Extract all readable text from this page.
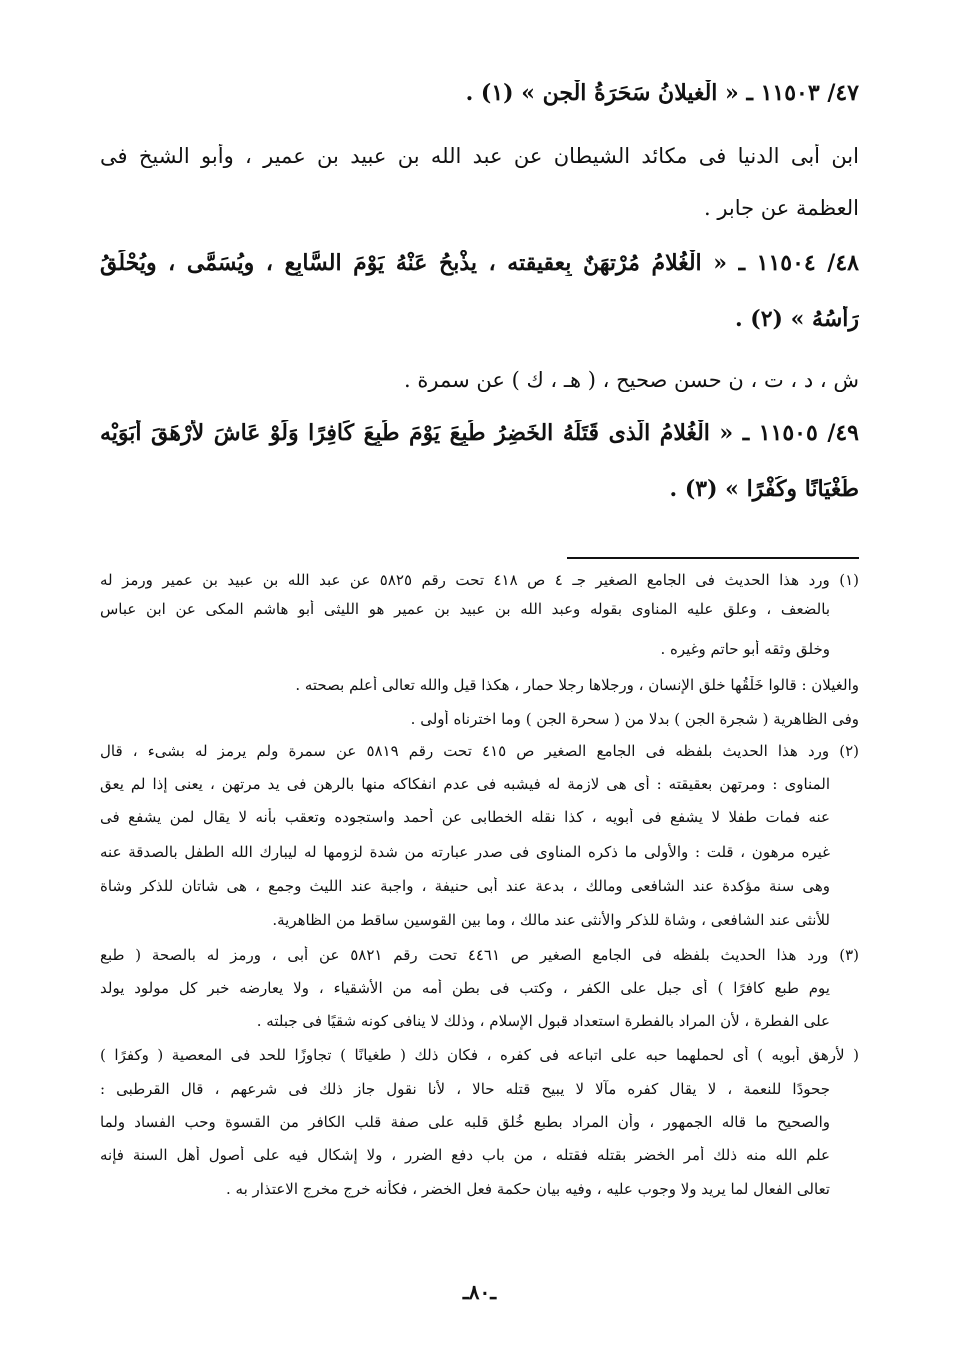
٤٧/ ١١٥٠٣ ـ « الْغيلانُ سَحَرَةُ الْجن » (١) .

ابن أبى الدنيا فى مكائد الشيطان عن عبد الله بن عبيد بن عمير ، وأبو الشيخ فى

العظمة عن جابر .

٤٨/ ١١٥٠٤ ـ « الْغُلامُ مُرْتهَنٌ بِعقيقته ، يذْبحُ عَنْهُ يَوْمَ السَّابِعِ ، ويُسَمَّى ، ويُحْلَقُ

رَأْسُهُ » (٢) .

ش ، د ، ت ، ن حسن صحيح ، ( هـ ، ك ) عن سمرة .

٤٩/ ١١٥٠٥ ـ « الْغُلامُ الَّذى قَتَلَهُ الخَضِرُ طُبِعَ يَوْمَ طُبِعَ كَافِرًا وَلَوْ عَاشَ لأَرْهَقَ أَبَوَيْه

طُغْيَانًا وكُفْرًا » (٣) .

(١) ورد هذا الحديث فى الجامع الصغير جـ ٤ ص ٤١٨ تحت رقم ٥٨٢٥ عن عبد الله بن عبيد بن عمير ورمز له

بالضعف ، وعلق عليه المناوى بقوله وعبد الله بن عبيد بن عمير هو الليثى أبو هاشم المكى عن ابن عباس

وخلق وثقه أبو حاتم وغيره .

والغيلان : قالوا خَلْقُها خلق الإنسان ، ورجلاها رجلا حمار ، هكذا قيل والله تعالى أعلم بصحته .

وفى الظاهرية ( شجرة الجن ) بدلا من ( سحرة الجن ) وما اخترناه أولى .

(٢) ورد هذا الحديث بلفظه فى الجامع الصغير ص ٤١٥ تحت رقم ٥٨١٩ عن سمرة ولم يرمز له بشىء ، قال

المناوى : ومرتهن بعقيقته : أى هى لازمة له فيشبه فى عدم انفكاكه منها بالرهن فى يد مرتهن ، يعنى إذا لم يعق

عنه فمات طفلا لا يشفع فى أبويه ، كذا نقله الخطابى عن أحمد واستجوده وتعقب بأنه لا يقال لمن يشفع فى

غيره مرهون ، قلت : والأولى ما ذكره المناوى فى صدر عبارته من شدة لزومها له ليبارك الله الطفل بالصدقة عنه

وهى سنة مؤكدة عند الشافعى ومالك ، بدعة عند أبى حنيفة ، واجبة عند الليث وجمع ، هى شاتان للذكر وشاة

للأنثى عند الشافعى ، وشاة للذكر والأنثى عند مالك ، وما بين القوسين ساقط من الظاهرية.

(٣) ورد هذا الحديث بلفظه فى الجامع الصغير ص ٤٤٦١ تحت رقم ٥٨٢١ عن أبى ، ورمز له بالصحة ( طبع

يوم طبع كافرًا ) أى جبل على الكفر ، وكتب فى بطن أمه من الأشقياء ، ولا يعارضه خبر كل مولود يولد

على الفطرة ، لأن المراد بالفطرة استعداد قبول الإسلام ، وذلك لا ينافى كونه شقيًا فى جبلته .

( لأرهق أبويه ) أى لحملهما حبه على اتباعه فى كفره ، فكان ذلك ( طغيانًا ) تجاوزًا للحد فى المعصية ( وكفرًا )

جحودًا للنعمة ، لا يقال كفره مآلا لا يبيح قتله حالا ، لأنا نقول جاز ذلك فى شرعهم ، قال القرطبى :

والصحيح ما قاله الجمهور ، وأن المراد بطبع خُلق قلبه على صفة قلب الكافر من القسوة وحب الفساد ولما

علم الله منه ذلك أمر الخضر بقتله فقتله ، من باب دفع الضرر ، ولا إشكال فيه على أصول أهل السنة فإنه

تعالى الفعال لما يريد ولا وجوب عليه ، وفيه بيان حكمة فعل الخضر ، فكأنه خرج مخرج الاعتذار به .

ـ٨٠ـ
